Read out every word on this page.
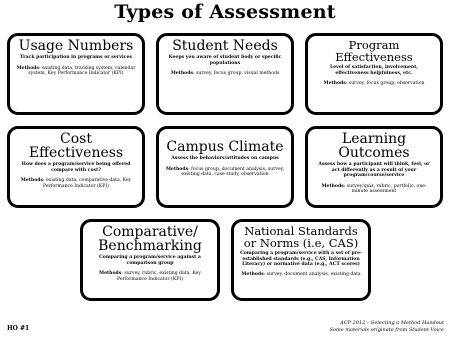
Types of Assessment
Usage Numbers
Track participation in programs or services
Methods: existing data, tracking system, calendar system, Key Performance Indicator (KPI)
Student Needs
Keeps you aware of student body or specific populations
Methods: survey, focus group, visual methods
Program Effectiveness
Level of satisfaction, involvement, effectiveness helpfulness, etc.
Methods: survey, focus group, observation
Cost Effectiveness
How does a program/service being offered compare with cost?
Methods: existing data, comparative data, Key Performance Indicator (KPI)
Campus Climate
Assess the behaviors/attitudes on campus
Methods: focus group, document analysis, survey, existing data, case study, observation
Learning Outcomes
Assess how a participant will think, feel, or act differently as a result of your program/course/service
Methods: survey/quiz, rubric, portfolio, one-minute assessment
Comparative/ Benchmarking
Comparing a program/service against a comparison group
Methods: survey, rubric, existing data, Key Performance Indicator (KPI)
National Standards or Norms (i.e, CAS)
Comparing a program/service with a set of pre-established standards (e.g., CAS, Information Literacy) or normative data (e.g., ACT scores)
Methods: survey, document analysis, existing data
HO #1
ACP 2012 – Selecting a Method Handout
Some materials originate from Student Voice
